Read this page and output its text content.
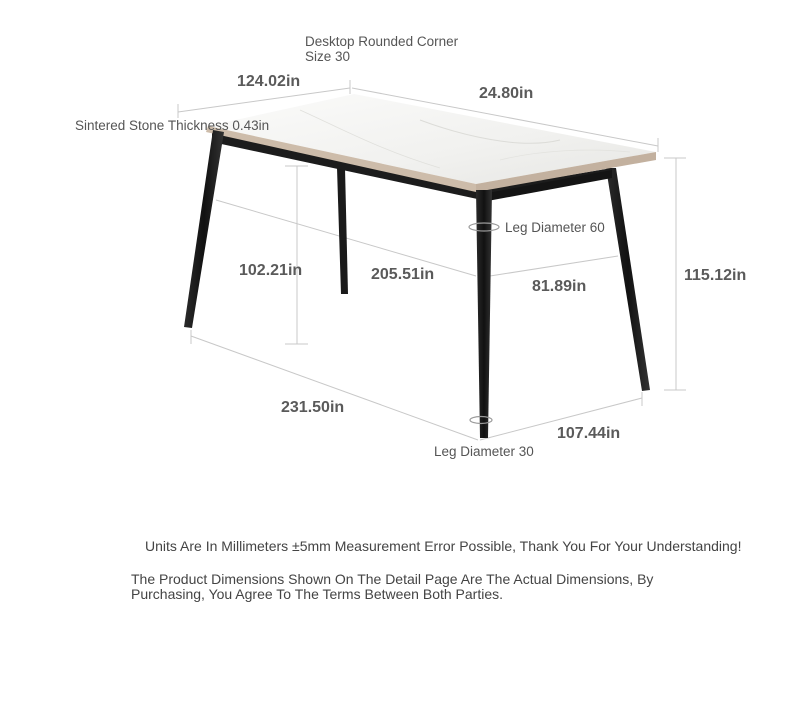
Desktop Rounded Corner
Size 30
Sintered Stone Thickness 0.43in
Leg Diameter 60
Leg Diameter 30
124.02in
24.80in
102.21in	205.51in
81.89in
115.12in
231.50in
107.44in
Units Are In Millimeters ±5mm Measurement Error Possible, Thank You For Your Understanding!
The Product Dimensions Shown On The Detail Page Are The Actual Dimensions, By
Purchasing, You Agree To The Terms Between Both Parties.
